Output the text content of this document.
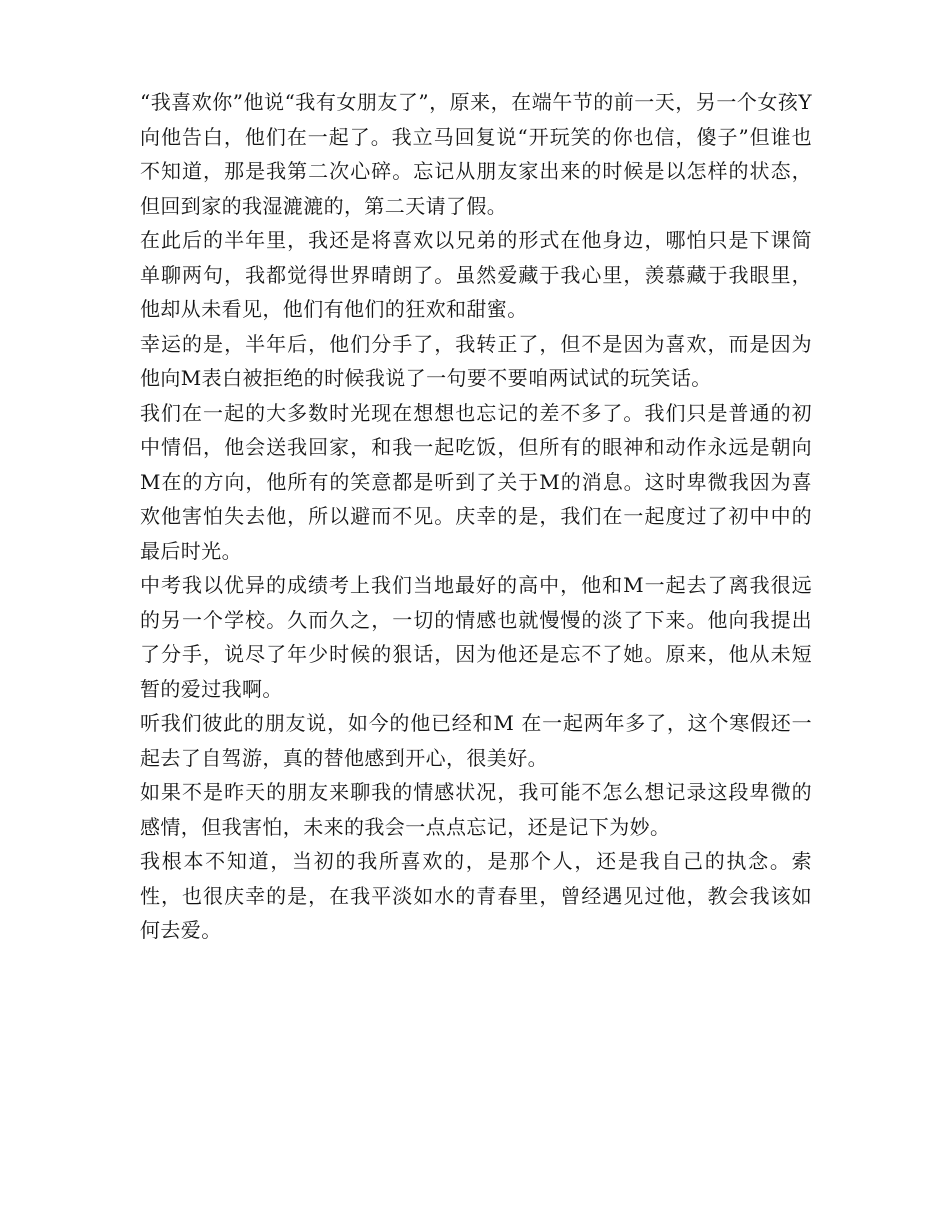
“我喜欢你”他说“我有女朋友了”，原来，在端午节的前一天，另一个女孩Y向他告白，他们在一起了。我立马回复说“开玩笑的你也信，傻子”但谁也不知道，那是我第二次心碎。忘记从朋友家出来的时候是以怎样的状态，但回到家的我湿漉漉的，第二天请了假。

在此后的半年里，我还是将喜欢以兄弟的形式在他身边，哪怕只是下课简单聊两句，我都觉得世界晴朗了。虽然爱藏于我心里，羡慕藏于我眼里，他却从未看见，他们有他们的狂欢和甜蜜。

幸运的是，半年后，他们分手了，我转正了，但不是因为喜欢，而是因为他向M表白被拒绝的时候我说了一句要不要咱两试试的玩笑话。

我们在一起的大多数时光现在想想也忘记的差不多了。我们只是普通的初中情侣，他会送我回家，和我一起吃饭，但所有的眼神和动作永远是朝向M在的方向，他所有的笑意都是听到了关于M的消息。这时卑微我因为喜欢他害怕失去他，所以避而不见。庆幸的是，我们在一起度过了初中中的最后时光。

中考我以优异的成绩考上我们当地最好的高中，他和M一起去了离我很远的另一个学校。久而久之，一切的情感也就慢慢的淡了下来。他向我提出了分手，说尽了年少时候的狠话，因为他还是忘不了她。原来，他从未短暂的爱过我啊。

听我们彼此的朋友说，如今的他已经和M 在一起两年多了，这个寒假还一起去了自驾游，真的替他感到开心，很美好。

如果不是昨天的朋友来聊我的情感状况，我可能不怎么想记录这段卑微的感情，但我害怕，未来的我会一点点忘记，还是记下为妙。

我根本不知道，当初的我所喜欢的，是那个人，还是我自己的执念。索性，也很庆幸的是，在我平淡如水的青春里，曾经遇见过他，教会我该如何去爱。
